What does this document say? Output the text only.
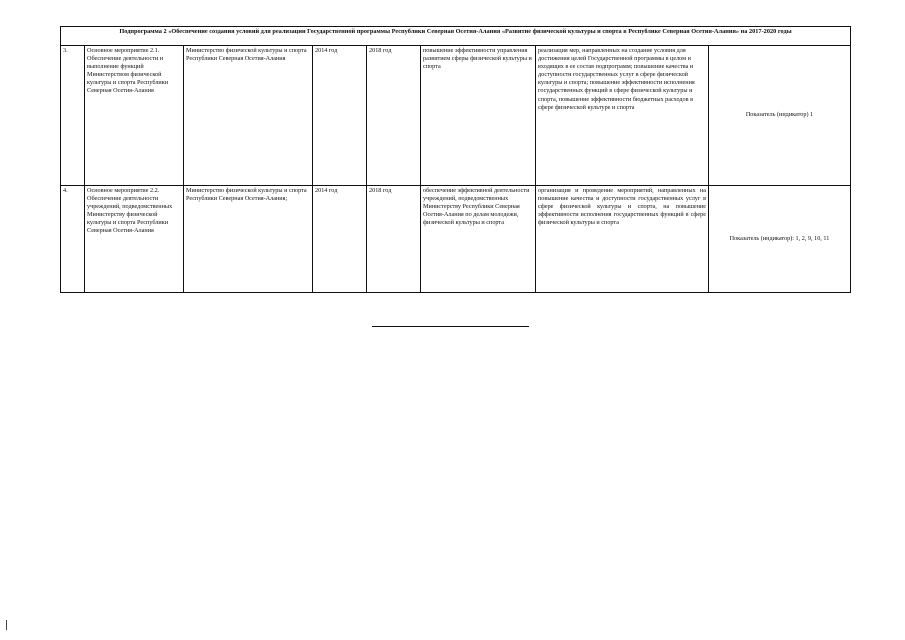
Подпрограмма 2 «Обеспечение создания условий для реализации Государственной программы Республики Северная Осетия-Алания «Развитие физической культуры и спорта в Республике Северная Осетия-Алания» на 2017-2020 годы							
3.	Основное мероприятие 2.1. Обеспечение деятельности и выполнение функций Министерством физической культуры и спорта Республики Северная Осетия-Алания	Министерство физической культуры и спорта Республики Северная Осетия-Алания	2014 год	2018 год	повышение эффективности управления развитием сферы физической культуры и спорта	реализация мер, направленных на создание условия для достижения целей Государственной программы в целом и входящих в ее состав подпрограмм; повышение качества и доступности государственных услуг в сфере физической культуры и спорта; повышение эффективности исполнения государственных функций в сфере физической культуры и спорта, повышение эффективности бюджетных расходов в сфере физической культуре и спорта	Показатель (индикатор) 1
4.	Основное мероприятие 2.2. Обеспечение деятельности учреждений, подведомственных Министерству физической культуры и спорта Республики Северная Осетия-Алания	Министерство физической культуры и спорта Республики Северная Осетия-Алания;	2014 год	2018 год	обеспечение эффективной деятельности учреждений, подведомственных Министерству Республики Северная Осетия-Алания по делам молодежи, физической культуры и спорта	организация и проведение мероприятий, направленных на повышение качества и доступности государственных услуг в сфере физической культуры и спорта, на повышение эффективности исполнения государственных функций в сфере физической культуры и спорта	Показатель (индикатор): 1, 2, 9, 10, 11
